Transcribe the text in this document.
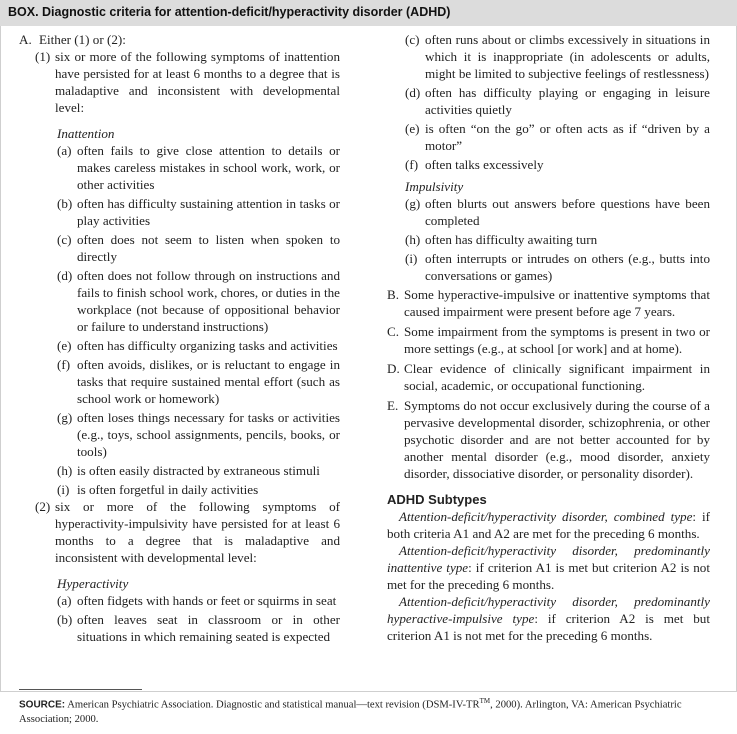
BOX. Diagnostic criteria for attention-deficit/hyperactivity disorder (ADHD)
A. Either (1) or (2):
(1) six or more of the following symptoms of inattention have persisted for at least 6 months to a degree that is maladaptive and inconsistent with developmental level:
Inattention
(a) often fails to give close attention to details or makes careless mistakes in school work, work, or other activities
(b) often has difficulty sustaining attention in tasks or play activities
(c) often does not seem to listen when spoken to directly
(d) often does not follow through on instructions and fails to finish school work, chores, or duties in the workplace (not because of oppositional behavior or failure to understand instructions)
(e) often has difficulty organizing tasks and activities
(f) often avoids, dislikes, or is reluctant to engage in tasks that require sustained mental effort (such as school work or homework)
(g) often loses things necessary for tasks or activities (e.g., toys, school assignments, pencils, books, or tools)
(h) is often easily distracted by extraneous stimuli
(i) is often forgetful in daily activities
(2) six or more of the following symptoms of hyperactivity-impulsivity have persisted for at least 6 months to a degree that is maladaptive and inconsistent with developmental level:
Hyperactivity
(a) often fidgets with hands or feet or squirms in seat
(b) often leaves seat in classroom or in other situations in which remaining seated is expected
(c) often runs about or climbs excessively in situations in which it is inappropriate (in adolescents or adults, might be limited to subjective feelings of restlessness)
(d) often has difficulty playing or engaging in leisure activities quietly
(e) is often “on the go” or often acts as if “driven by a motor”
(f) often talks excessively
Impulsivity
(g) often blurts out answers before questions have been completed
(h) often has difficulty awaiting turn
(i) often interrupts or intrudes on others (e.g., butts into conversations or games)
B. Some hyperactive-impulsive or inattentive symptoms that caused impairment were present before age 7 years.
C. Some impairment from the symptoms is present in two or more settings (e.g., at school [or work] and at home).
D. Clear evidence of clinically significant impairment in social, academic, or occupational functioning.
E. Symptoms do not occur exclusively during the course of a pervasive developmental disorder, schizophrenia, or other psychotic disorder and are not better accounted for by another mental disorder (e.g., mood disorder, anxiety disorder, dissociative disorder, or personality disorder).
ADHD Subtypes
Attention-deficit/hyperactivity disorder, combined type: if both criteria A1 and A2 are met for the preceding 6 months.
Attention-deficit/hyperactivity disorder, predominantly inattentive type: if criterion A1 is met but criterion A2 is not met for the preceding 6 months.
Attention-deficit/hyperactivity disorder, predominantly hyperactive-impulsive type: if criterion A2 is met but criterion A1 is not met for the preceding 6 months.
SOURCE: American Psychiatric Association. Diagnostic and statistical manual—text revision (DSM-IV-TR™, 2000). Arlington, VA: American Psychiatric Association; 2000.
